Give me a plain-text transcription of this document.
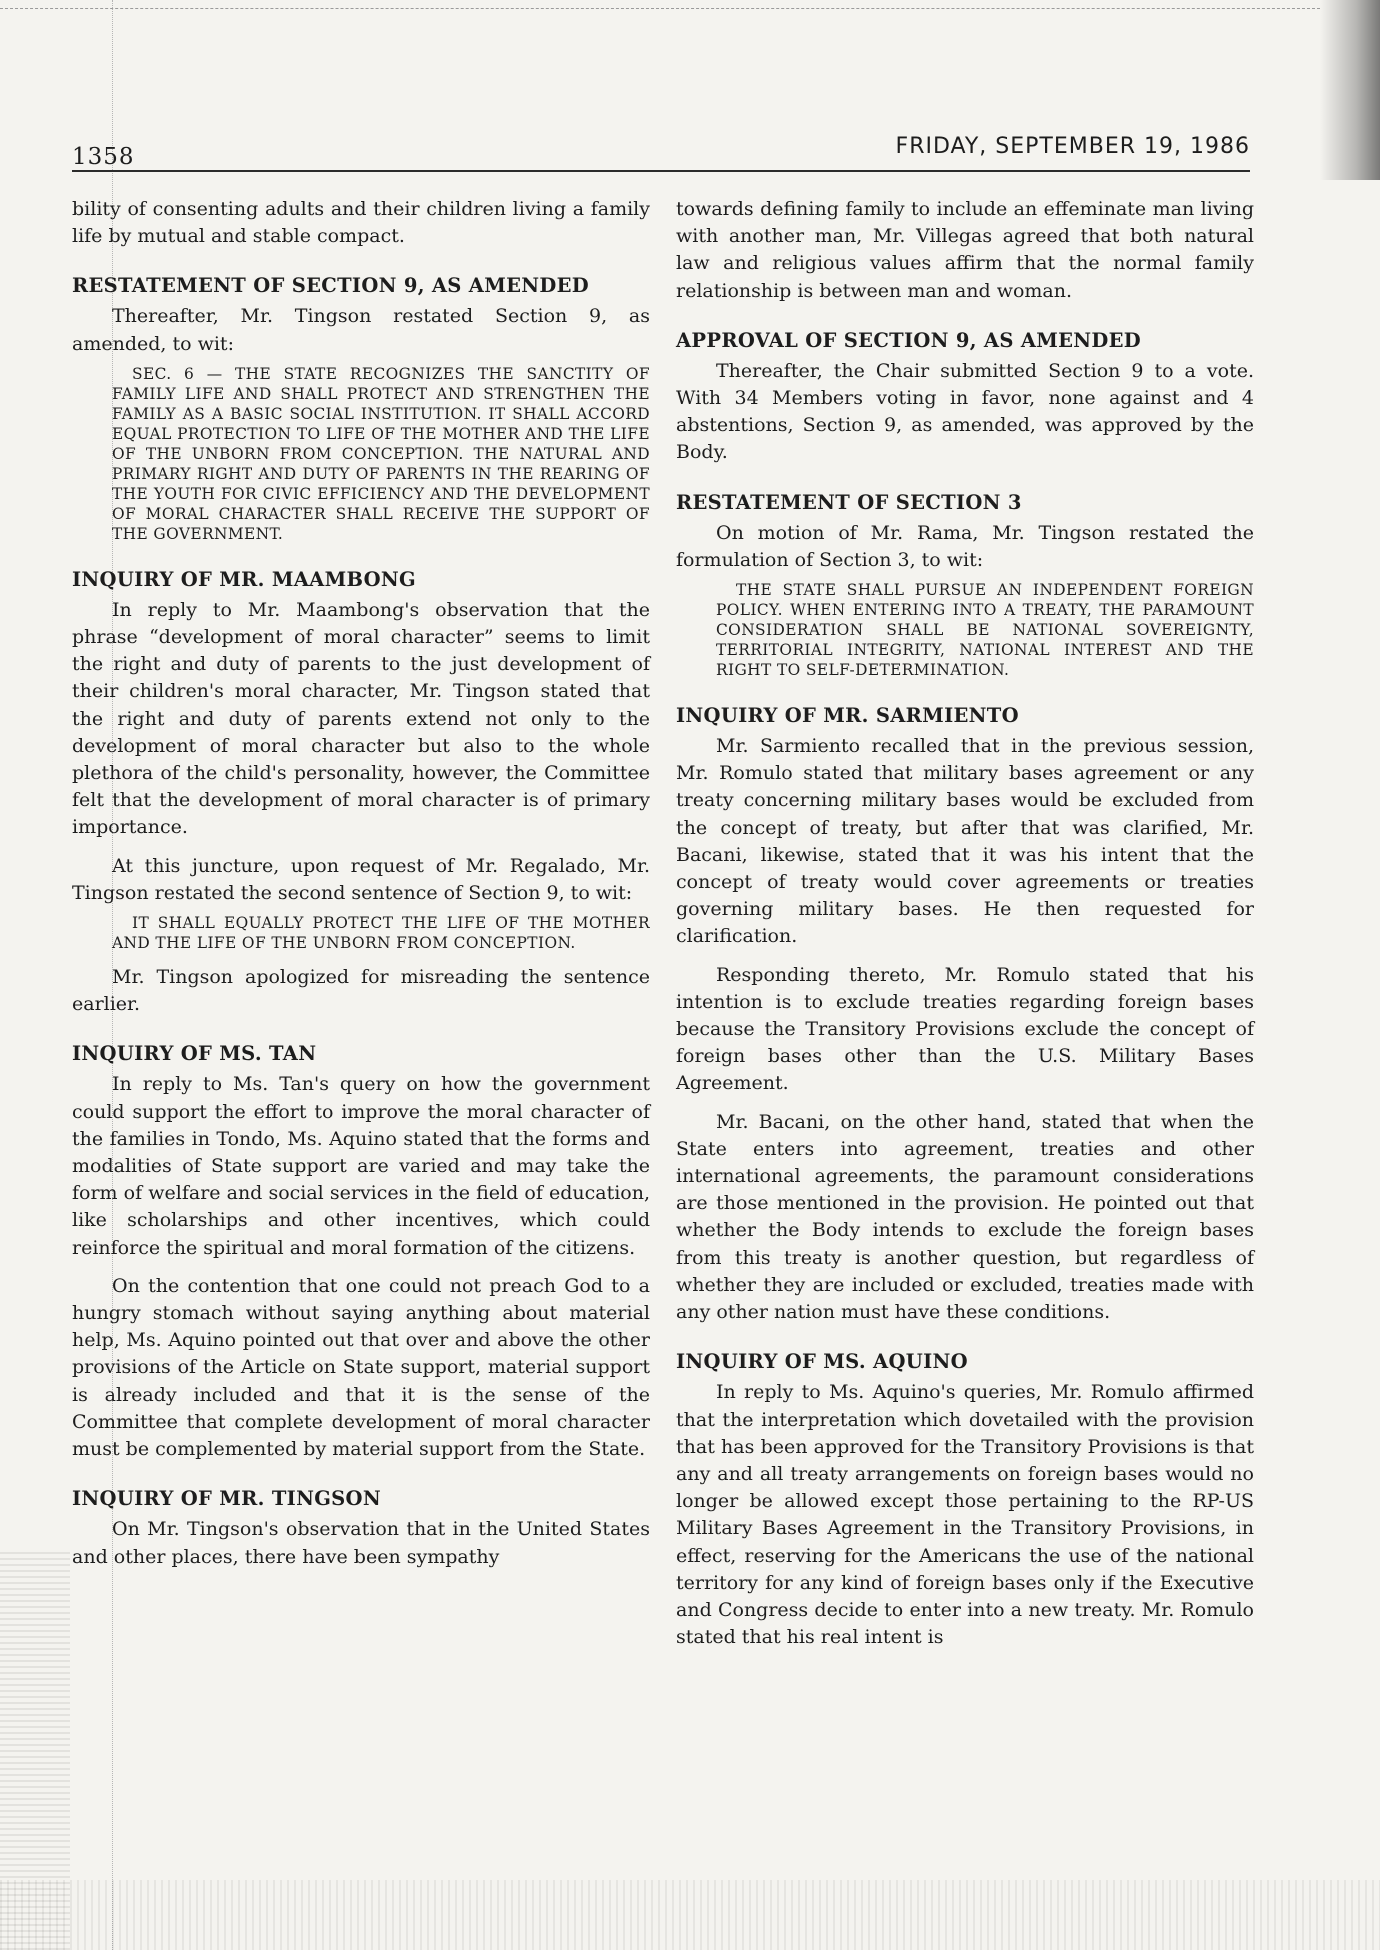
1358	FRIDAY, SEPTEMBER 19, 1986

bility of consenting adults and their children living a family life by mutual and stable compact.

RESTATEMENT OF SECTION 9, AS AMENDED

Thereafter, Mr. Tingson restated Section 9, as amended, to wit:

SEC. 6 — THE STATE RECOGNIZES THE SANCTITY OF FAMILY LIFE AND SHALL PROTECT AND STRENGTHEN THE FAMILY AS A BASIC SOCIAL INSTITUTION. IT SHALL ACCORD EQUAL PROTECTION TO LIFE OF THE MOTHER AND THE LIFE OF THE UNBORN FROM CONCEPTION. THE NATURAL AND PRIMARY RIGHT AND DUTY OF PARENTS IN THE REARING OF THE YOUTH FOR CIVIC EFFICIENCY AND THE DEVELOPMENT OF MORAL CHARACTER SHALL RECEIVE THE SUPPORT OF THE GOVERNMENT.

INQUIRY OF MR. MAAMBONG

In reply to Mr. Maambong's observation that the phrase “development of moral character” seems to limit the right and duty of parents to the just development of their children's moral character, Mr. Tingson stated that the right and duty of parents extend not only to the development of moral character but also to the whole plethora of the child's personality, however, the Committee felt that the development of moral character is of primary importance.

At this juncture, upon request of Mr. Regalado, Mr. Tingson restated the second sentence of Section 9, to wit:

IT SHALL EQUALLY PROTECT THE LIFE OF THE MOTHER AND THE LIFE OF THE UNBORN FROM CONCEPTION.

Mr. Tingson apologized for misreading the sentence earlier.

INQUIRY OF MS. TAN

In reply to Ms. Tan's query on how the government could support the effort to improve the moral character of the families in Tondo, Ms. Aquino stated that the forms and modalities of State support are varied and may take the form of welfare and social services in the field of education, like scholarships and other incentives, which could reinforce the spiritual and moral formation of the citizens.

On the contention that one could not preach God to a hungry stomach without saying anything about material help, Ms. Aquino pointed out that over and above the other provisions of the Article on State support, material support is already included and that it is the sense of the Committee that complete development of moral character must be complemented by material support from the State.

INQUIRY OF MR. TINGSON

On Mr. Tingson's observation that in the United States and other places, there have been sympathy

towards defining family to include an effeminate man living with another man, Mr. Villegas agreed that both natural law and religious values affirm that the normal family relationship is between man and woman.

APPROVAL OF SECTION 9, AS AMENDED

Thereafter, the Chair submitted Section 9 to a vote. With 34 Members voting in favor, none against and 4 abstentions, Section 9, as amended, was approved by the Body.

RESTATEMENT OF SECTION 3

On motion of Mr. Rama, Mr. Tingson restated the formulation of Section 3, to wit:

THE STATE SHALL PURSUE AN INDEPENDENT FOREIGN POLICY. WHEN ENTERING INTO A TREATY, THE PARAMOUNT CONSIDERATION SHALL BE NATIONAL SOVEREIGNTY, TERRITORIAL INTEGRITY, NATIONAL INTEREST AND THE RIGHT TO SELF-DETERMINATION.

INQUIRY OF MR. SARMIENTO

Mr. Sarmiento recalled that in the previous session, Mr. Romulo stated that military bases agreement or any treaty concerning military bases would be excluded from the concept of treaty, but after that was clarified, Mr. Bacani, likewise, stated that it was his intent that the concept of treaty would cover agreements or treaties governing military bases. He then requested for clarification.

Responding thereto, Mr. Romulo stated that his intention is to exclude treaties regarding foreign bases because the Transitory Provisions exclude the concept of foreign bases other than the U.S. Military Bases Agreement.

Mr. Bacani, on the other hand, stated that when the State enters into agreement, treaties and other international agreements, the paramount considerations are those mentioned in the provision. He pointed out that whether the Body intends to exclude the foreign bases from this treaty is another question, but regardless of whether they are included or excluded, treaties made with any other nation must have these conditions.

INQUIRY OF MS. AQUINO

In reply to Ms. Aquino's queries, Mr. Romulo affirmed that the interpretation which dovetailed with the provision that has been approved for the Transitory Provisions is that any and all treaty arrangements on foreign bases would no longer be allowed except those pertaining to the RP-US Military Bases Agreement in the Transitory Provisions, in effect, reserving for the Americans the use of the national territory for any kind of foreign bases only if the Executive and Congress decide to enter into a new treaty. Mr. Romulo stated that his real intent is
